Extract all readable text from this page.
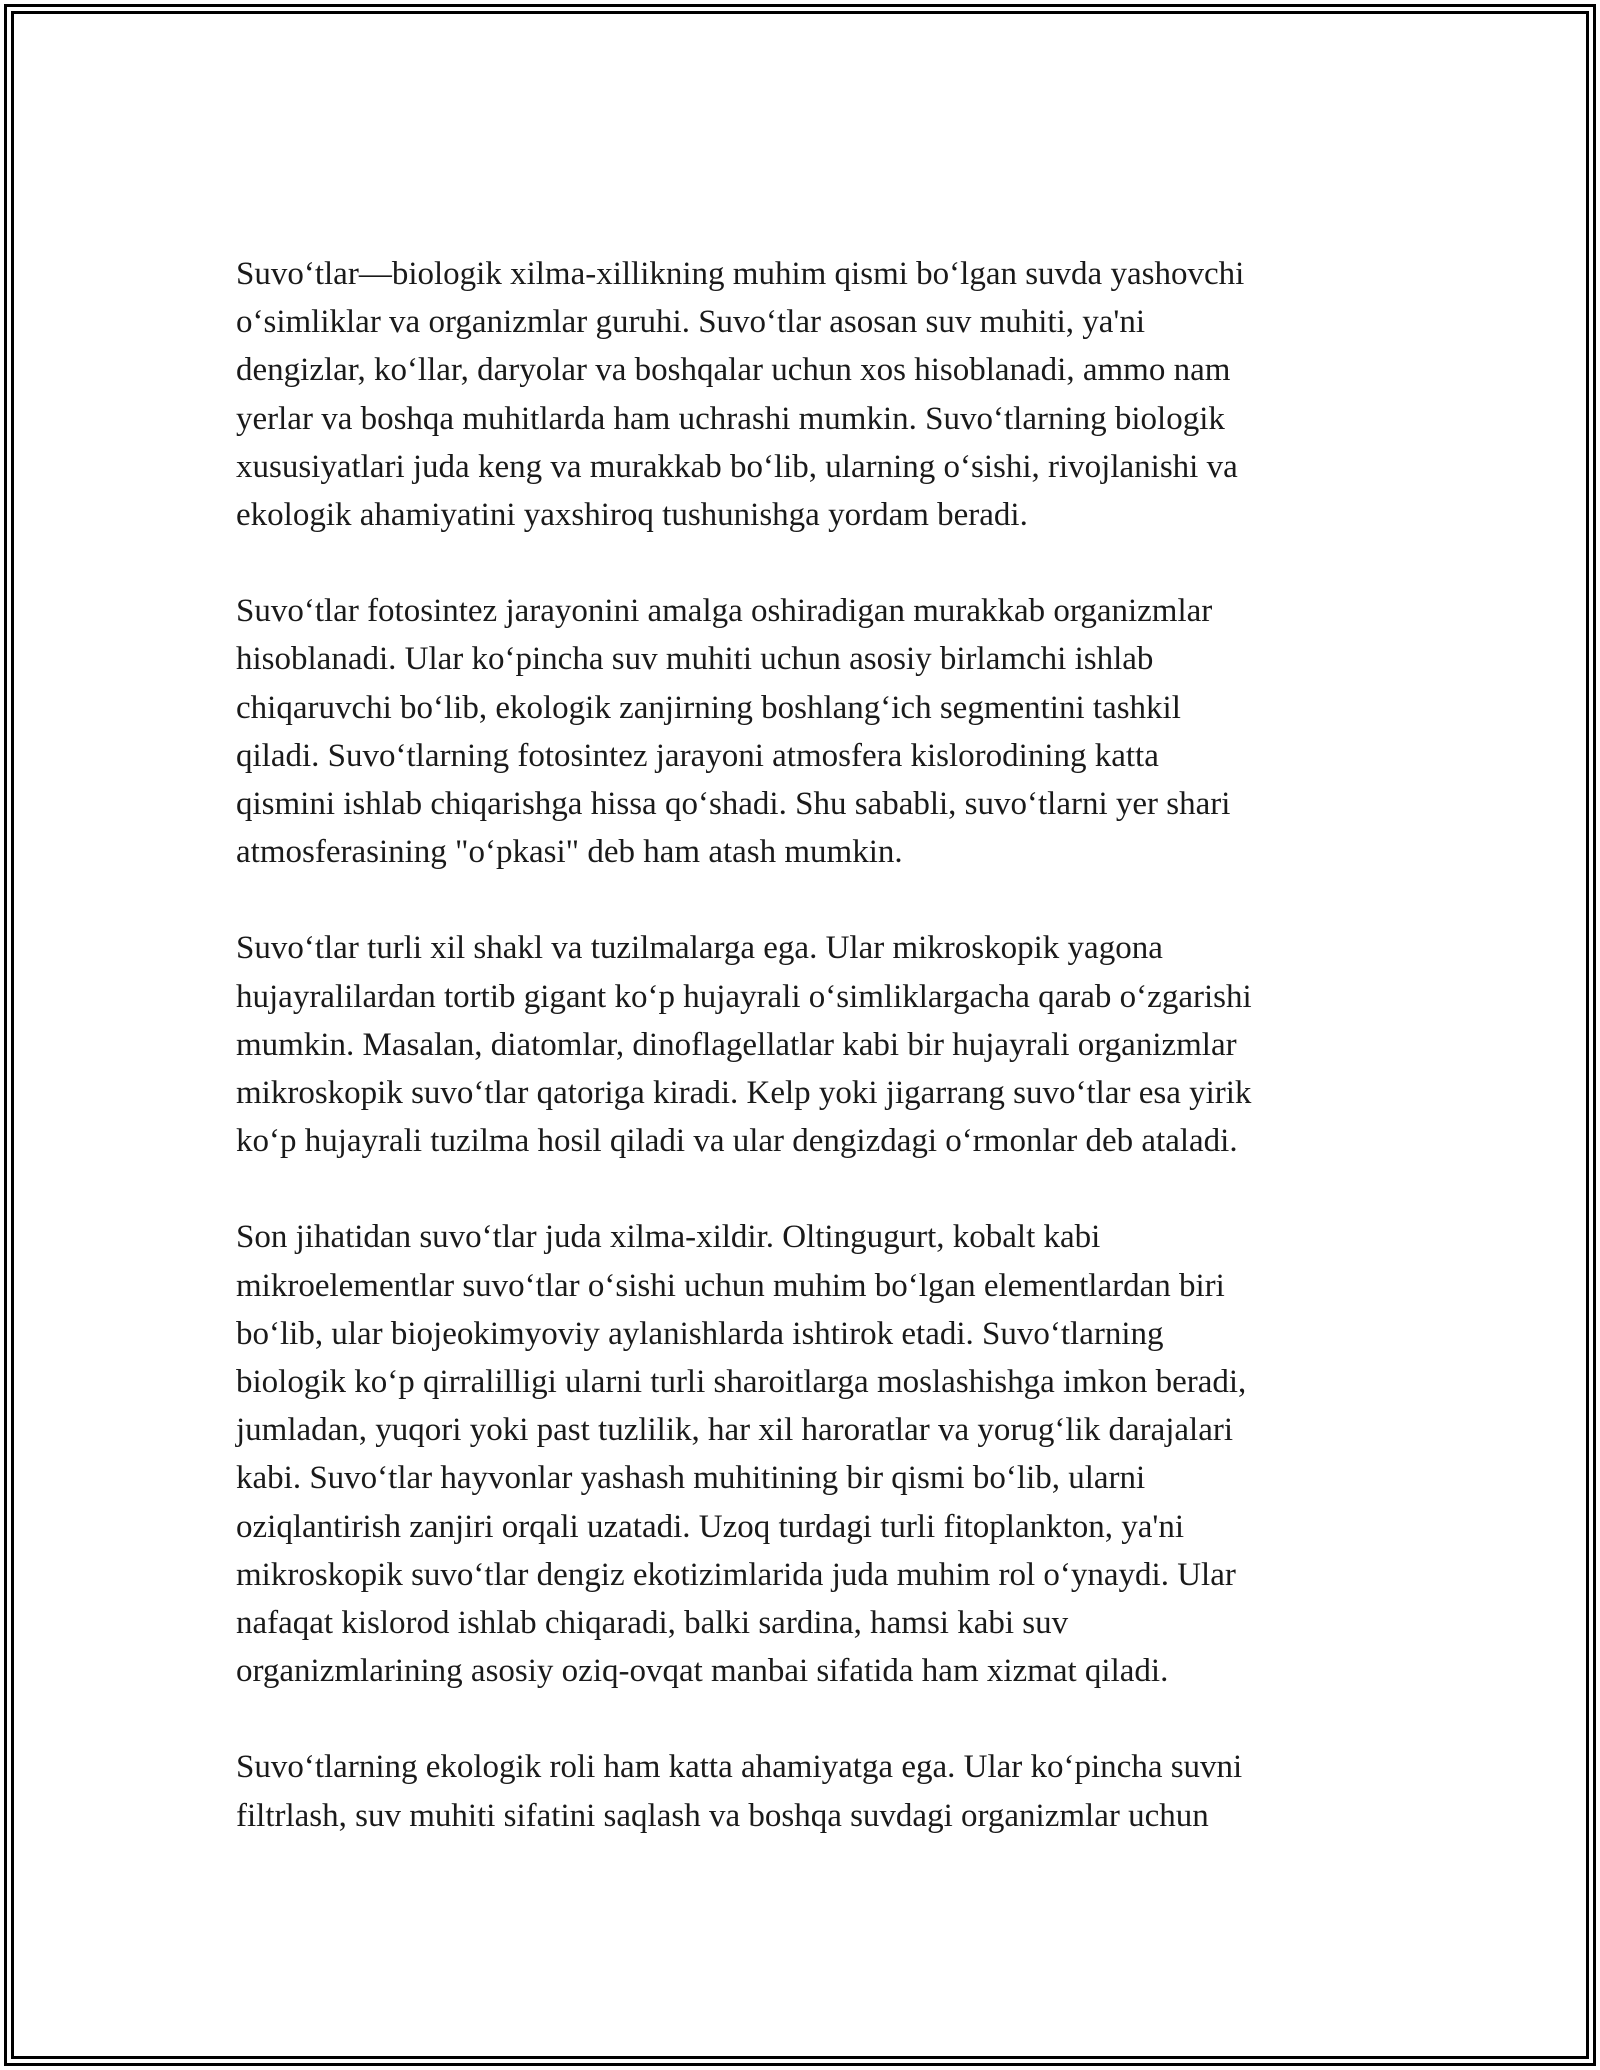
Suvo‘tlar—biologik xilma-xillikning muhim qismi bo‘lgan suvda yashovchi
o‘simliklar va organizmlar guruhi. Suvo‘tlar asosan suv muhiti, ya'ni
dengizlar, ko‘llar, daryolar va boshqalar uchun xos hisoblanadi, ammo nam
yerlar va boshqa muhitlarda ham uchrashi mumkin. Suvo‘tlarning biologik
xususiyatlari juda keng va murakkab bo‘lib, ularning o‘sishi, rivojlanishi va
ekologik ahamiyatini yaxshiroq tushunishga yordam beradi.

Suvo‘tlar fotosintez jarayonini amalga oshiradigan murakkab organizmlar
hisoblanadi. Ular ko‘pincha suv muhiti uchun asosiy birlamchi ishlab
chiqaruvchi bo‘lib, ekologik zanjirning boshlang‘ich segmentini tashkil
qiladi. Suvo‘tlarning fotosintez jarayoni atmosfera kislorodining katta
qismini ishlab chiqarishga hissa qo‘shadi. Shu sababli, suvo‘tlarni yer shari
atmosferasining "o‘pkasi" deb ham atash mumkin.

Suvo‘tlar turli xil shakl va tuzilmalarga ega. Ular mikroskopik yagona
hujayralilardan tortib gigant ko‘p hujayrali o‘simliklargacha qarab o‘zgarishi
mumkin. Masalan, diatomlar, dinoflagellatlar kabi bir hujayrali organizmlar
mikroskopik suvo‘tlar qatoriga kiradi. Kelp yoki jigarrang suvo‘tlar esa yirik
ko‘p hujayrali tuzilma hosil qiladi va ular dengizdagi o‘rmonlar deb ataladi.

Son jihatidan suvo‘tlar juda xilma-xildir. Oltingugurt, kobalt kabi
mikroelementlar suvo‘tlar o‘sishi uchun muhim bo‘lgan elementlardan biri
bo‘lib, ular biojeokimyoviy aylanishlarda ishtirok etadi. Suvo‘tlarning
biologik ko‘p qirralilligi ularni turli sharoitlarga moslashishga imkon beradi,
jumladan, yuqori yoki past tuzlilik, har xil haroratlar va yorug‘lik darajalari
kabi. Suvo‘tlar hayvonlar yashash muhitining bir qismi bo‘lib, ularni
oziqlantirish zanjiri orqali uzatadi. Uzoq turdagi turli fitoplankton, ya'ni
mikroskopik suvo‘tlar dengiz ekotizimlarida juda muhim rol o‘ynaydi. Ular
nafaqat kislorod ishlab chiqaradi, balki sardina, hamsi kabi suv
organizmlarining asosiy oziq-ovqat manbai sifatida ham xizmat qiladi.

Suvo‘tlarning ekologik roli ham katta ahamiyatga ega. Ular ko‘pincha suvni
filtrlash, suv muhiti sifatini saqlash va boshqa suvdagi organizmlar uchun
